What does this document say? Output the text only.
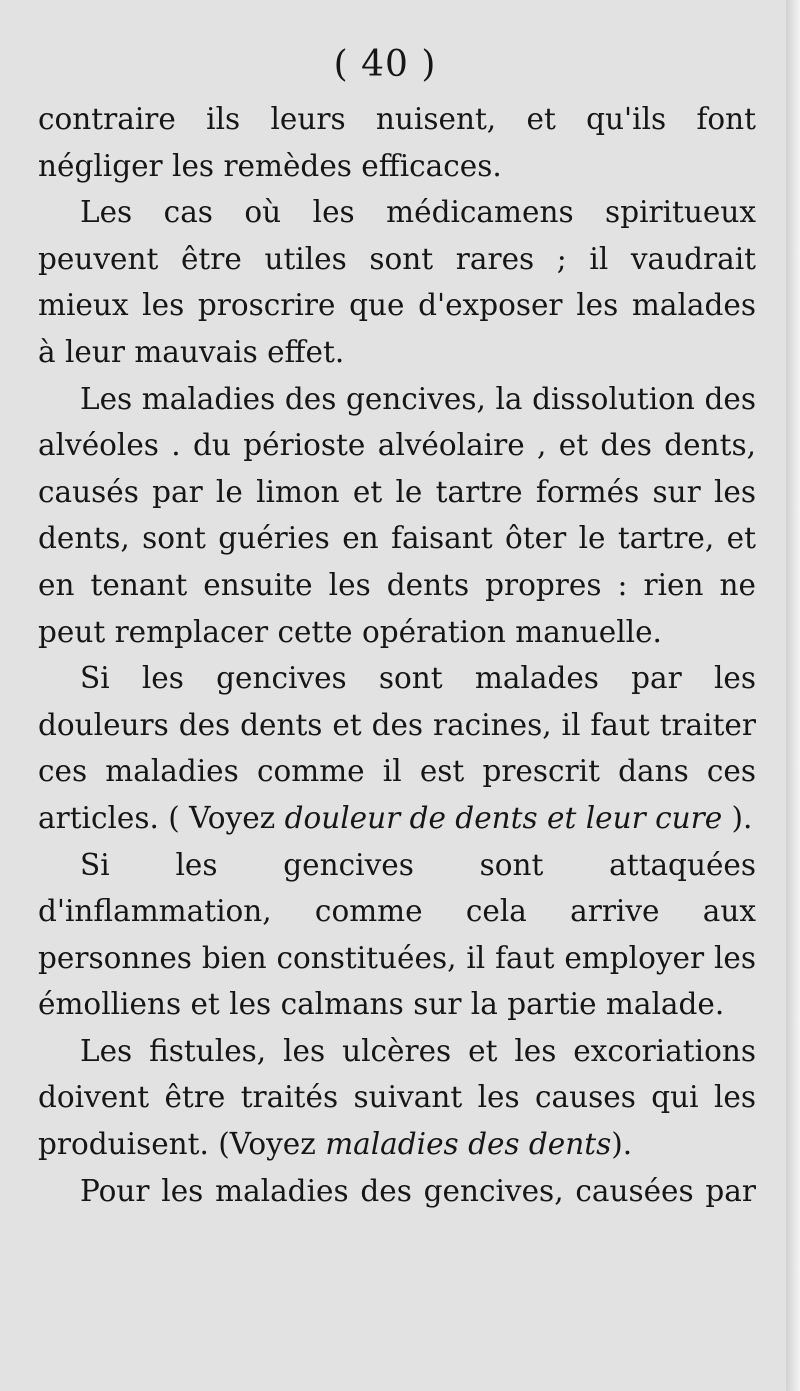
( 40 )

contraire ils leurs nuisent, et qu'ils font négliger les remèdes efficaces.

Les cas où les médicamens spiritueux peuvent être utiles sont rares ; il vaudrait mieux les proscrire que d'exposer les malades à leur mauvais effet.

Les maladies des gencives, la dissolution des alvéoles . du périoste alvéolaire , et des dents, causés par le limon et le tartre formés sur les dents, sont guéries en faisant ôter le tartre, et en tenant ensuite les dents propres : rien ne peut remplacer cette opération manuelle.

Si les gencives sont malades par les douleurs des dents et des racines, il faut traiter ces maladies comme il est prescrit dans ces articles. ( Voyez douleur de dents et leur cure ).

Si les gencives sont attaquées d'inflammation, comme cela arrive aux personnes bien constituées, il faut employer les émolliens et les calmans sur la partie malade.

Les fistules, les ulcères et les excoriations doivent être traités suivant les causes qui les produisent. (Voyez maladies des dents).

Pour les maladies des gencives, causées par
